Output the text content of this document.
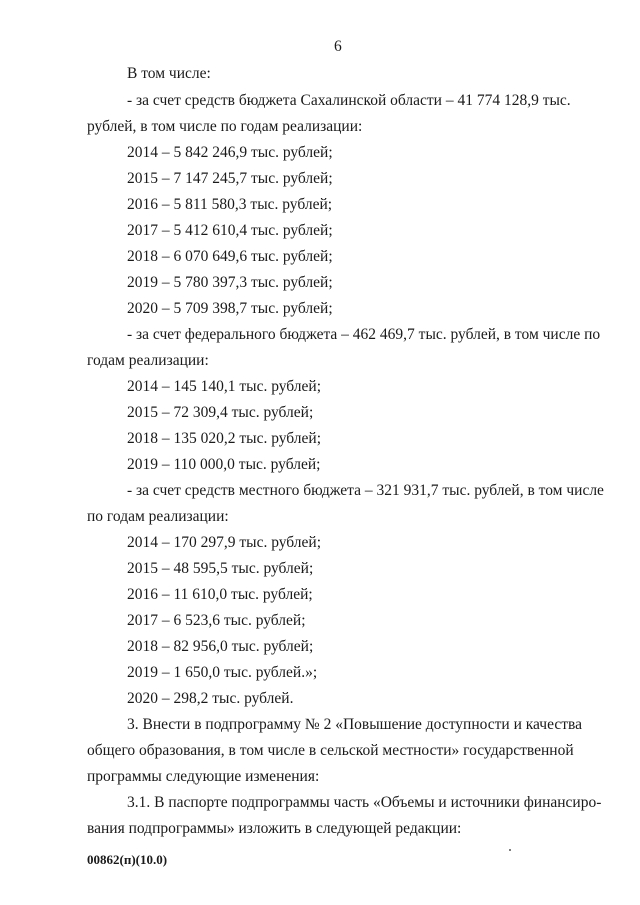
6
В том числе:
- за счет средств бюджета Сахалинской области – 41 774 128,9 тыс.
рублей, в том числе по годам реализации:
2014 – 5 842 246,9 тыс. рублей;
2015 – 7 147 245,7 тыс. рублей;
2016 – 5 811 580,3 тыс. рублей;
2017 – 5 412 610,4 тыс. рублей;
2018 – 6 070 649,6 тыс. рублей;
2019 – 5 780 397,3 тыс. рублей;
2020 – 5 709 398,7 тыс. рублей;
- за счет федерального бюджета – 462 469,7 тыс. рублей, в том числе по
годам реализации:
2014 – 145 140,1 тыс. рублей;
2015 – 72 309,4 тыс. рублей;
2018 – 135 020,2 тыс. рублей;
2019 – 110 000,0 тыс. рублей;
- за счет средств местного бюджета – 321 931,7 тыс. рублей, в том числе
по годам реализации:
2014 – 170 297,9 тыс. рублей;
2015 – 48 595,5 тыс. рублей;
2016 – 11 610,0 тыс. рублей;
2017 – 6 523,6 тыс. рублей;
2018 – 82 956,0 тыс. рублей;
2019 – 1 650,0 тыс. рублей.»;
2020 – 298,2 тыс. рублей.
3. Внести в подпрограмму № 2 «Повышение доступности и качества
общего образования, в том числе в сельской местности» государственной
программы следующие изменения:
3.1. В паспорте подпрограммы часть «Объемы и источники финансиро-
вания подпрограммы» изложить в следующей редакции:
00862(п)(10.0)
